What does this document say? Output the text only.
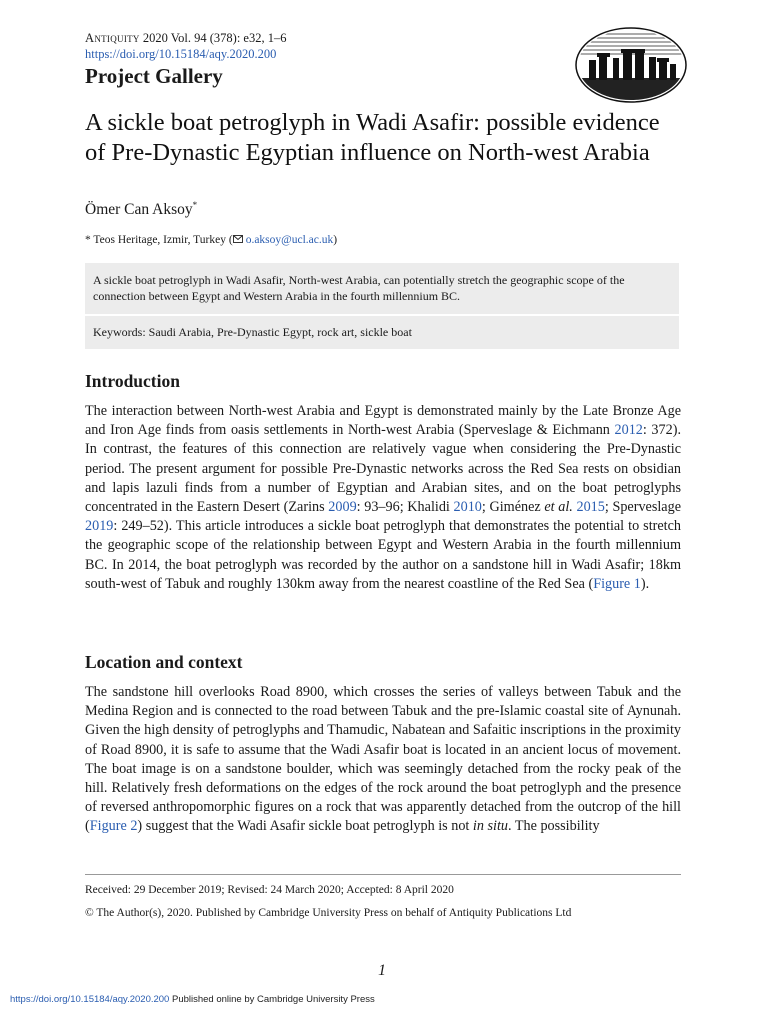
Antiquity 2020 Vol. 94 (378): e32, 1–6
https://doi.org/10.15184/aqy.2020.200
Project Gallery
A sickle boat petroglyph in Wadi Asafir: possible evidence of Pre-Dynastic Egyptian influence on North-west Arabia
Ömer Can Aksoy*
* Teos Heritage, Izmir, Turkey ( o.aksoy@ucl.ac.uk)
A sickle boat petroglyph in Wadi Asafir, North-west Arabia, can potentially stretch the geographic scope of the connection between Egypt and Western Arabia in the fourth millennium BC.
Keywords: Saudi Arabia, Pre-Dynastic Egypt, rock art, sickle boat
Introduction

The interaction between North-west Arabia and Egypt is demonstrated mainly by the Late Bronze Age and Iron Age finds from oasis settlements in North-west Arabia (Sperveslage & Eichmann 2012: 372). In contrast, the features of this connection are relatively vague when considering the Pre-Dynastic period. The present argument for possible Pre-Dynastic networks across the Red Sea rests on obsidian and lapis lazuli finds from a number of Egyptian and Arabian sites, and on the boat petroglyphs concentrated in the Eastern Desert (Zarins 2009: 93–96; Khalidi 2010; Giménez et al. 2015; Sperveslage 2019: 249–52). This article introduces a sickle boat petroglyph that demonstrates the potential to stretch the geographic scope of the relationship between Egypt and Western Arabia in the fourth millennium BC. In 2014, the boat petroglyph was recorded by the author on a sandstone hill in Wadi Asafir; 18km south-west of Tabuk and roughly 130km away from the nearest coastline of the Red Sea (Figure 1).

Location and context

The sandstone hill overlooks Road 8900, which crosses the series of valleys between Tabuk and the Medina Region and is connected to the road between Tabuk and the pre-Islamic coastal site of Aynunah. Given the high density of petroglyphs and Thamudic, Nabatean and Safaitic inscriptions in the proximity of Road 8900, it is safe to assume that the Wadi Asafir boat is located in an ancient locus of movement. The boat image is on a sandstone boulder, which was seemingly detached from the rocky peak of the hill. Relatively fresh deformations on the edges of the rock around the boat petroglyph and the presence of reversed anthropomorphic figures on a rock that was apparently detached from the outcrop of the hill (Figure 2) suggest that the Wadi Asafir sickle boat petroglyph is not in situ. The possibility

Received: 29 December 2019; Revised: 24 March 2020; Accepted: 8 April 2020
© The Author(s), 2020. Published by Cambridge University Press on behalf of Antiquity Publications Ltd
1
https://doi.org/10.15184/aqy.2020.200 Published online by Cambridge University Press
